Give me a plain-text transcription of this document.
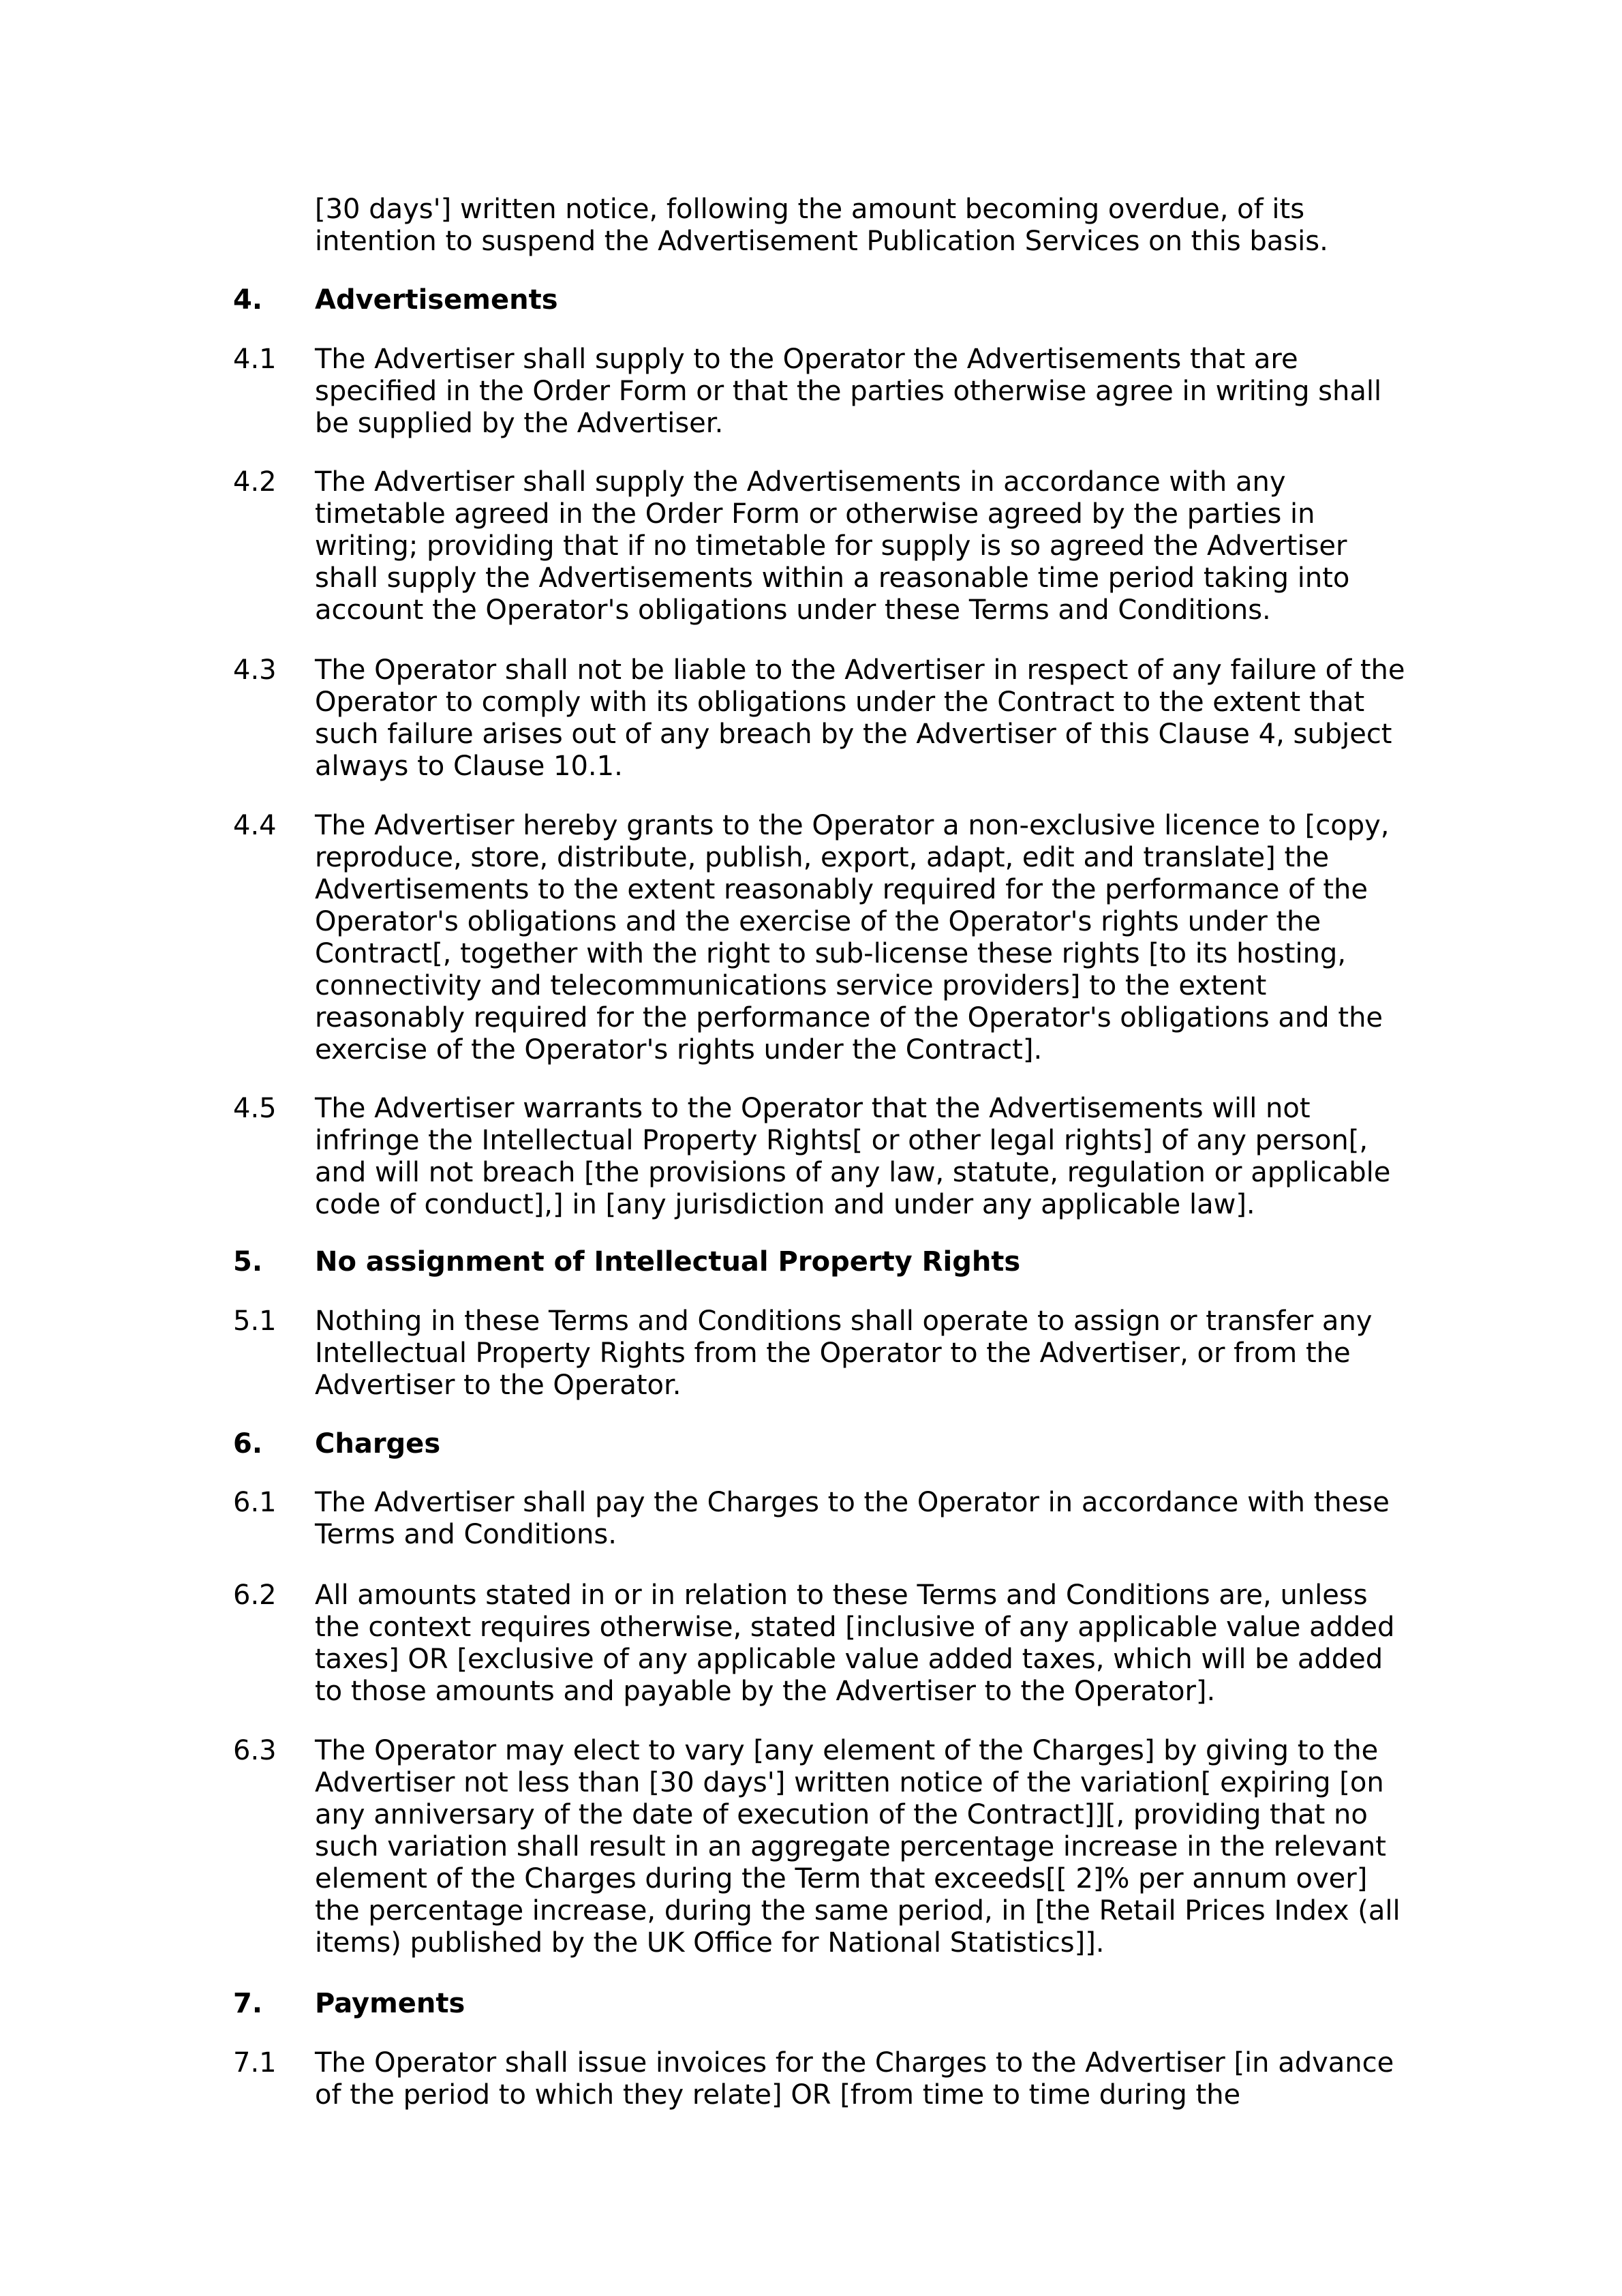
[30 days'] written notice, following the amount becoming overdue, of its intention to suspend the Advertisement Publication Services on this basis.
4.	Advertisements
4.1	The Advertiser shall supply to the Operator the Advertisements that are specified in the Order Form or that the parties otherwise agree in writing shall be supplied by the Advertiser.
4.2	The Advertiser shall supply the Advertisements in accordance with any timetable agreed in the Order Form or otherwise agreed by the parties in writing; providing that if no timetable for supply is so agreed the Advertiser shall supply the Advertisements within a reasonable time period taking into account the Operator's obligations under these Terms and Conditions.
4.3	The Operator shall not be liable to the Advertiser in respect of any failure of the Operator to comply with its obligations under the Contract to the extent that such failure arises out of any breach by the Advertiser of this Clause 4, subject always to Clause 10.1.
4.4	The Advertiser hereby grants to the Operator a non-exclusive licence to [copy, reproduce, store, distribute, publish, export, adapt, edit and translate] the Advertisements to the extent reasonably required for the performance of the Operator's obligations and the exercise of the Operator's rights under the Contract[, together with the right to sub-license these rights [to its hosting, connectivity and telecommunications service providers] to the extent reasonably required for the performance of the Operator's obligations and the exercise of the Operator's rights under the Contract].
4.5	The Advertiser warrants to the Operator that the Advertisements will not infringe the Intellectual Property Rights[ or other legal rights] of any person[, and will not breach [the provisions of any law, statute, regulation or applicable code of conduct],] in [any jurisdiction and under any applicable law].
5.	No assignment of Intellectual Property Rights
5.1	Nothing in these Terms and Conditions shall operate to assign or transfer any Intellectual Property Rights from the Operator to the Advertiser, or from the Advertiser to the Operator.
6.	Charges
6.1	The Advertiser shall pay the Charges to the Operator in accordance with these Terms and Conditions.
6.2	All amounts stated in or in relation to these Terms and Conditions are, unless the context requires otherwise, stated [inclusive of any applicable value added taxes] OR [exclusive of any applicable value added taxes, which will be added to those amounts and payable by the Advertiser to the Operator].
6.3	The Operator may elect to vary [any element of the Charges] by giving to the Advertiser not less than [30 days'] written notice of the variation[ expiring [on any anniversary of the date of execution of the Contract]][, providing that no such variation shall result in an aggregate percentage increase in the relevant element of the Charges during the Term that exceeds[[ 2]% per annum over] the percentage increase, during the same period, in [the Retail Prices Index (all items) published by the UK Office for National Statistics]].
7.	Payments
7.1	The Operator shall issue invoices for the Charges to the Advertiser [in advance of the period to which they relate] OR [from time to time during the
